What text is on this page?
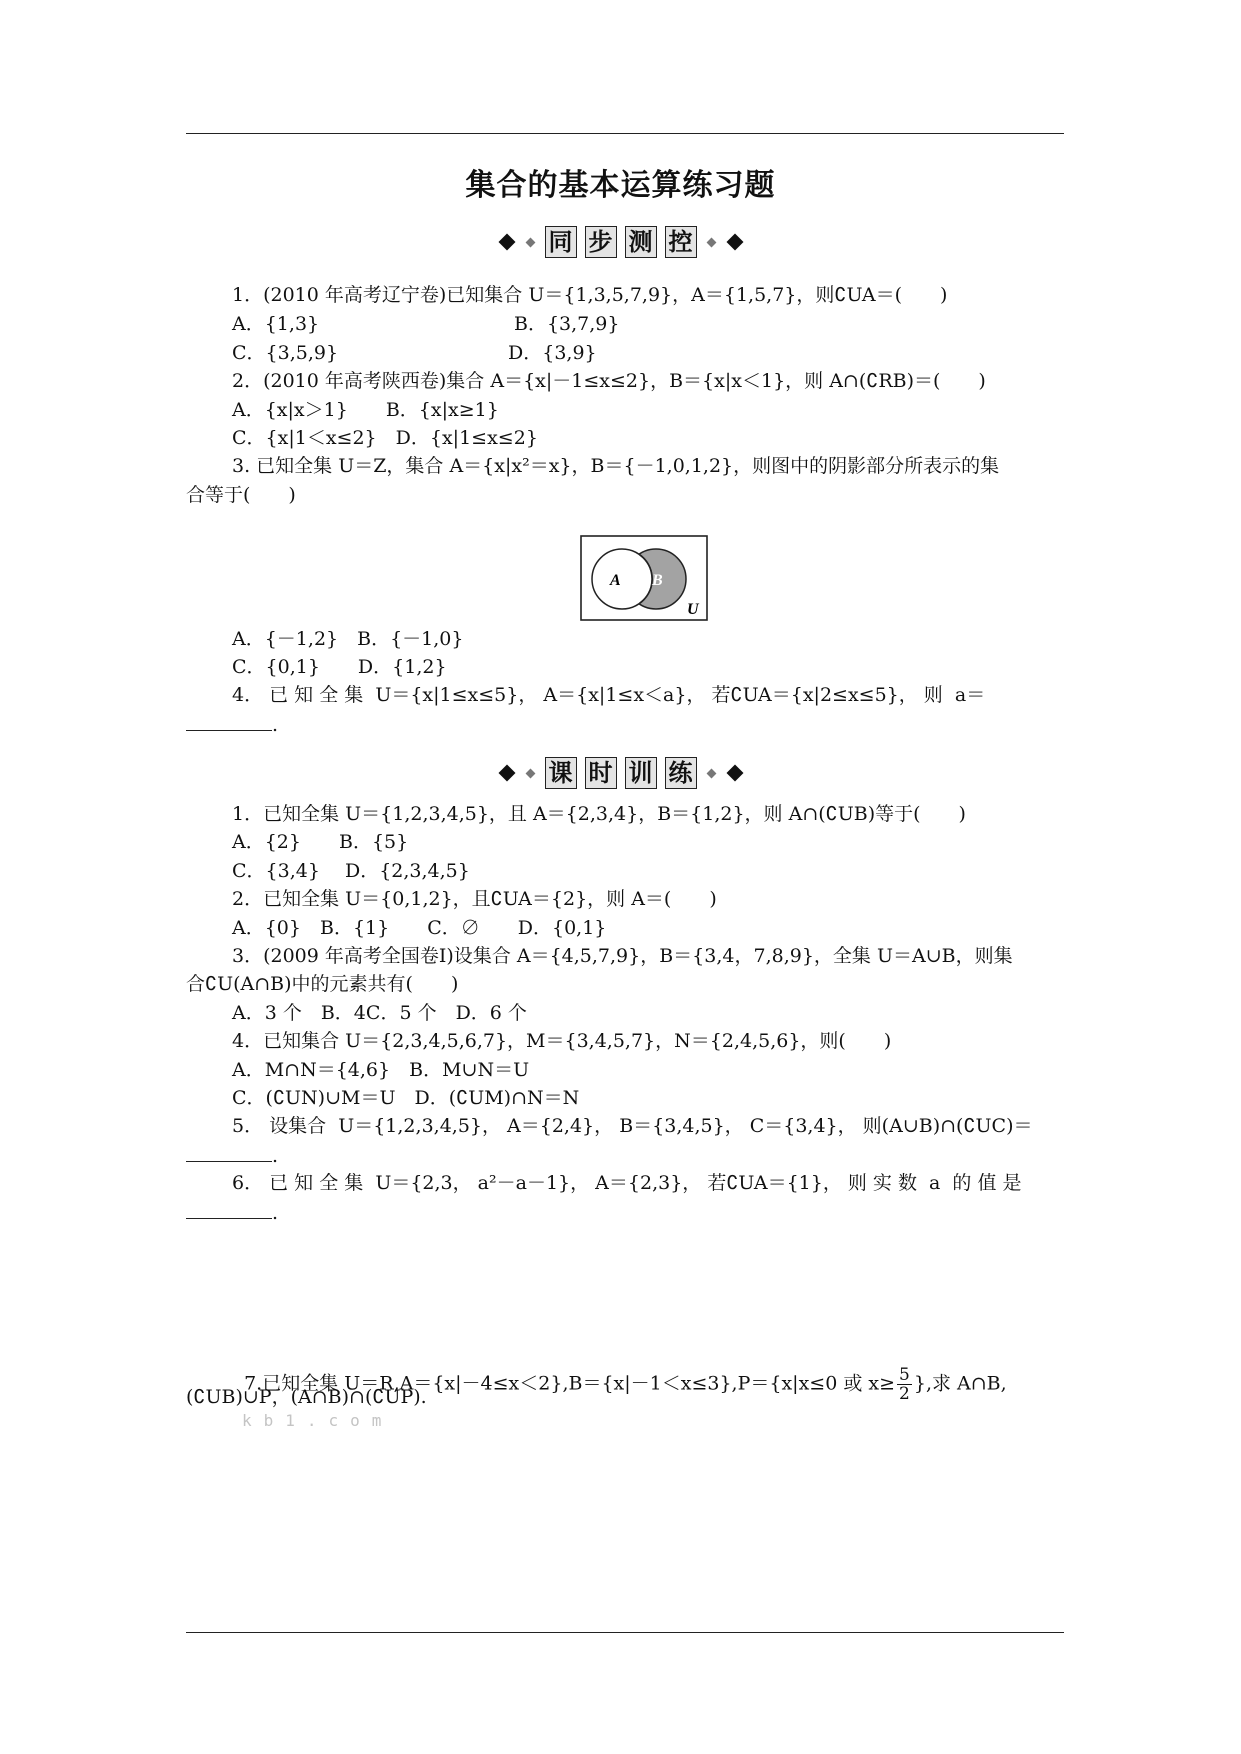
集合的基本运算练习题
同 步 测 控
1．(2010 年高考辽宁卷)已知集合 U＝{1,3,5,7,9}，A＝{1,5,7}，则∁UA＝(　　)
A．{1,3}	B．{3,7,9}
C．{3,5,9}	D．{3,9}
2．(2010 年高考陕西卷)集合 A＝{x|－1≤x≤2}，B＝{x|x＜1}，则 A∩(∁RB)＝(　　)
A．{x|x＞1}　　B．{x|x≥1}
C．{x|1＜x≤2}　D．{x|1≤x≤2}
3. 已知全集 U＝Z，集合 A＝{x|x²＝x}，B＝{－1,0,1,2}，则图中的阴影部分所表示的集
合等于(　　)
A B
U
A．{－1,2}　B．{－1,0}
C．{0,1}　　D．{1,2}
4． 已 知 全 集  U＝{x|1≤x≤5}， A＝{x|1≤x＜a}， 若∁UA＝{x|2≤x≤5}， 则  a＝
.
课 时 训 练
1．已知全集 U＝{1,2,3,4,5}，且 A＝{2,3,4}，B＝{1,2}，则 A∩(∁UB)等于(　　)
A．{2}　　B．{5}
C．{3,4}　 D．{2,3,4,5}
2．已知全集 U＝{0,1,2}，且∁UA＝{2}，则 A＝(　　)
A．{0}　B．{1}　　C．∅　　D．{0,1}
3．(2009 年高考全国卷Ⅰ)设集合 A＝{4,5,7,9}，B＝{3,4，7,8,9}，全集 U＝A∪B，则集
合∁U(A∩B)中的元素共有(　　)
A．3 个　B．4C．5 个　D．6 个
4．已知集合 U＝{2,3,4,5,6,7}，M＝{3,4,5,7}，N＝{2,4,5,6}，则(　　)
A．M∩N＝{4,6}　B．M∪N＝U
C．(∁UN)∪M＝U　D．(∁UM)∩N＝N
5． 设集合  U＝{1,2,3,4,5}， A＝{2,4}， B＝{3,4,5}， C＝{3,4}， 则(A∪B)∩(∁UC)＝
.
6． 已 知 全 集  U＝{2,3， a²－a－1}， A＝{2,3}， 若∁UA＝{1}， 则 实 数  a  的 值 是
.

7.已知全集 U＝R,A＝{x|－4≤x＜2},B＝{x|－1＜x≤3},P＝{x|x≤0 或 $x\ge \frac{5}{2}$ },求 A∩B,

(∁UB)∪P，(A∩B)∩(∁UP).
kb1.com
